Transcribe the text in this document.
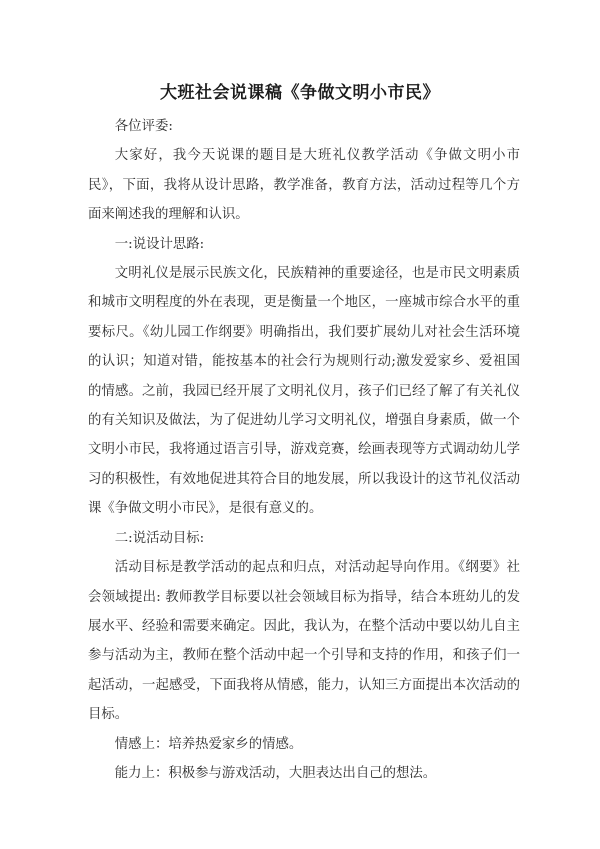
大班社会说课稿《争做文明小市民》

各位评委:

大家好，我今天说课的题目是大班礼仪教学活动《争做文明小市民》，下面，我将从设计思路，教学准备，教育方法，活动过程等几个方面来阐述我的理解和认识。

一:说设计思路:

文明礼仪是展示民族文化，民族精神的重要途径，也是市民文明素质和城市文明程度的外在表现，更是衡量一个地区，一座城市综合水平的重要标尺。《幼儿园工作纲要》明确指出，我们要扩展幼儿对社会生活环境的认识；知道对错，能按基本的社会行为规则行动;激发爱家乡、爱祖国的情感。之前，我园已经开展了文明礼仪月，孩子们已经了解了有关礼仪的有关知识及做法，为了促进幼儿学习文明礼仪，增强自身素质，做一个文明小市民，我将通过语言引导，游戏竞赛，绘画表现等方式调动幼儿学习的积极性，有效地促进其符合目的地发展，所以我设计的这节礼仪活动课《争做文明小市民》，是很有意义的。

二:说活动目标:

活动目标是教学活动的起点和归点，对活动起导向作用。《纲要》社会领域提出: 教师教学目标要以社会领域目标为指导，结合本班幼儿的发展水平、经验和需要来确定。因此，我认为，在整个活动中要以幼儿自主参与活动为主，教师在整个活动中起一个引导和支持的作用，和孩子们一起活动，一起感受，下面我将从情感，能力，认知三方面提出本次活动的目标。

情感上：培养热爱家乡的情感。

能力上：积极参与游戏活动，大胆表达出自己的想法。
